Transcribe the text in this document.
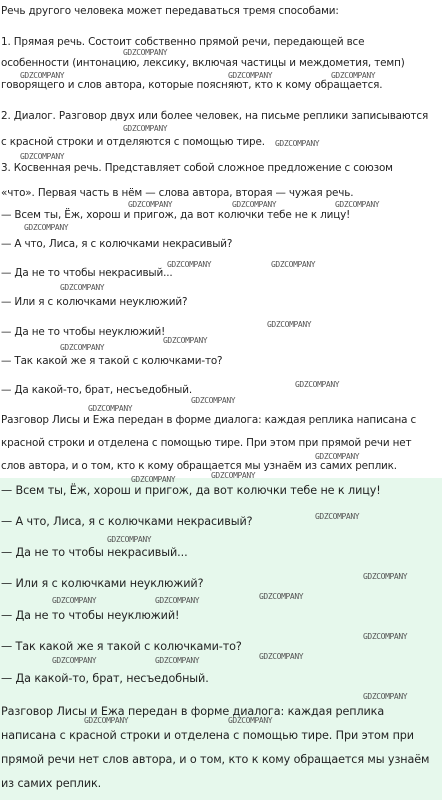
Речь другого человека может передаваться тремя способами:

1. Прямая речь. Состоит собственно прямой речи, передающей все

особенности (интонацию, лексику, включая частицы и междометия, темп)

говорящего и слов автора, которые поясняют, кто к кому обращается.

2. Диалог. Разговор двух или более человек, на письме реплики записываются

с красной строки и отделяются с помощью тире.

3. Косвенная речь. Представляет собой сложное предложение с союзом

«что». Первая часть в нём — слова автора, вторая — чужая речь.

— Всем ты, Ёж, хорош и пригож, да вот колючки тебе не к лицу!

— А что, Лиса, я с колючками некрасивый?

— Да не то чтобы некрасивый...

— Или я с колючками неуклюжий?

— Да не то чтобы неуклюжий!

— Так какой же я такой с колючками-то?

— Да какой-то, брат, несъедобный.

Разговор Лисы и Ежа передан в форме диалога: каждая реплика написана с

красной строки и отделена с помощью тире. При этом при прямой речи нет

слов автора, и о том, кто к кому обращается мы узнаём из самих реплик.

— Всем ты, Ёж, хорош и пригож, да вот колючки тебе не к лицу!

— А что, Лиса, я с колючками некрасивый?

— Да не то чтобы некрасивый...

— Или я с колючками неуклюжий?

— Да не то чтобы неуклюжий!

— Так какой же я такой с колючками-то?

— Да какой-то, брат, несъедобный.

Разговор Лисы и Ежа передан в форме диалога: каждая реплика

написана с красной строки и отделена с помощью тире. При этом при

прямой речи нет слов автора, и о том, кто к кому обращается мы узнаём

из самих реплик.

GDZCOMPANY
GDZCOMPANY	GDZCOMPANY	GDZCOMPANY
GDZCOMPANY
GDZCOMPANY
GDZCOMPANY
GDZCOMPANY	GDZCOMPANY	GDZCOMPANY
GDZCOMPANY
GDZCOMPANY	GDZCOMPANY
GDZCOMPANY
GDZCOMPANY
GDZCOMPANY
GDZCOMPANY
GDZCOMPANY
GDZCOMPANY
GDZCOMPANY
GDZCOMPANY
GDZCOMPANY
GDZCOMPANY
GDZCOMPANY
GDZCOMPANY
GDZCOMPANY
GDZCOMPANY
GDZCOMPANY	GDZCOMPANY
GDZCOMPANY
GDZCOMPANY
GDZCOMPANY	GDZCOMPANY
GDZCOMPANY
GDZCOMPANY	GDZCOMPANY
